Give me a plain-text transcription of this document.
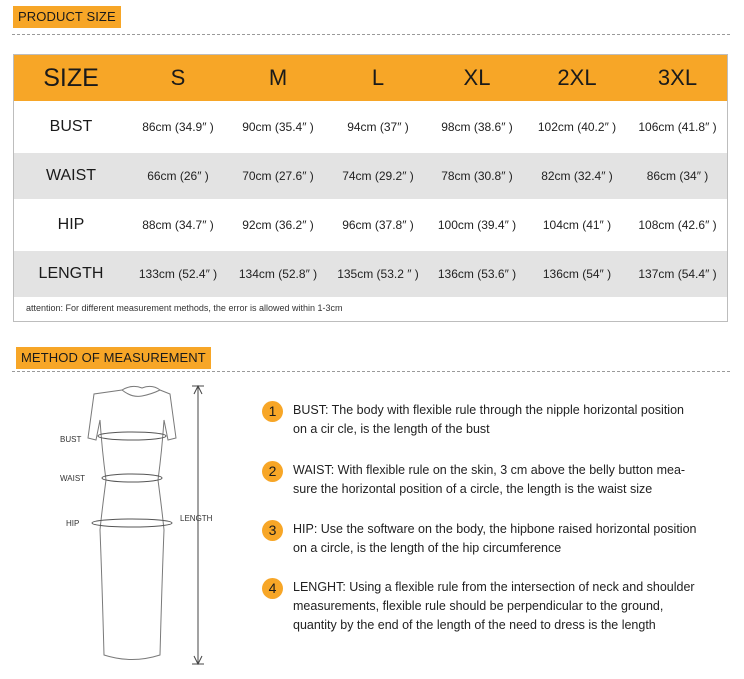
PRODUCT SIZE
SIZE	S	M	L	XL	2XL	3XL
BUST	86cm (34.9″ )	90cm (35.4″ )	94cm (37″ )	98cm (38.6″ )	102cm (40.2″ )	106cm (41.8″ )
WAIST	66cm (26″ )	70cm (27.6″ )	74cm (29.2″ )	78cm (30.8″ )	82cm (32.4″ )	86cm (34″ )
HIP	88cm (34.7″ )	92cm (36.2″ )	96cm (37.8″ )	100cm (39.4″ )	104cm (41″ )	108cm (42.6″ )
LENGTH	133cm (52.4″ )	134cm (52.8″ )	135cm (53.2 ″ )	136cm (53.6″ )	136cm (54″ )	137cm (54.4″ )
attention: For different measurement methods, the error is allowed within 1-3cm
METHOD OF MEASUREMENT
BUST
WAIST
HIP
LENGTH
1	BUST: The body with flexible rule through the nipple horizontal position
on a cir cle, is the length of the bust
2	WAIST: With flexible rule on the skin, 3 cm above the belly button mea-
sure the horizontal position of a circle, the length is the waist size
3	HIP: Use the software on the body, the hipbone raised horizontal position
on a circle, is the length of the hip circumference
4	LENGHT: Using a flexible rule from the intersection of neck and shoulder
measurements, flexible rule should be perpendicular to the ground,
quantity by the end of the length of the need to dress is the length
